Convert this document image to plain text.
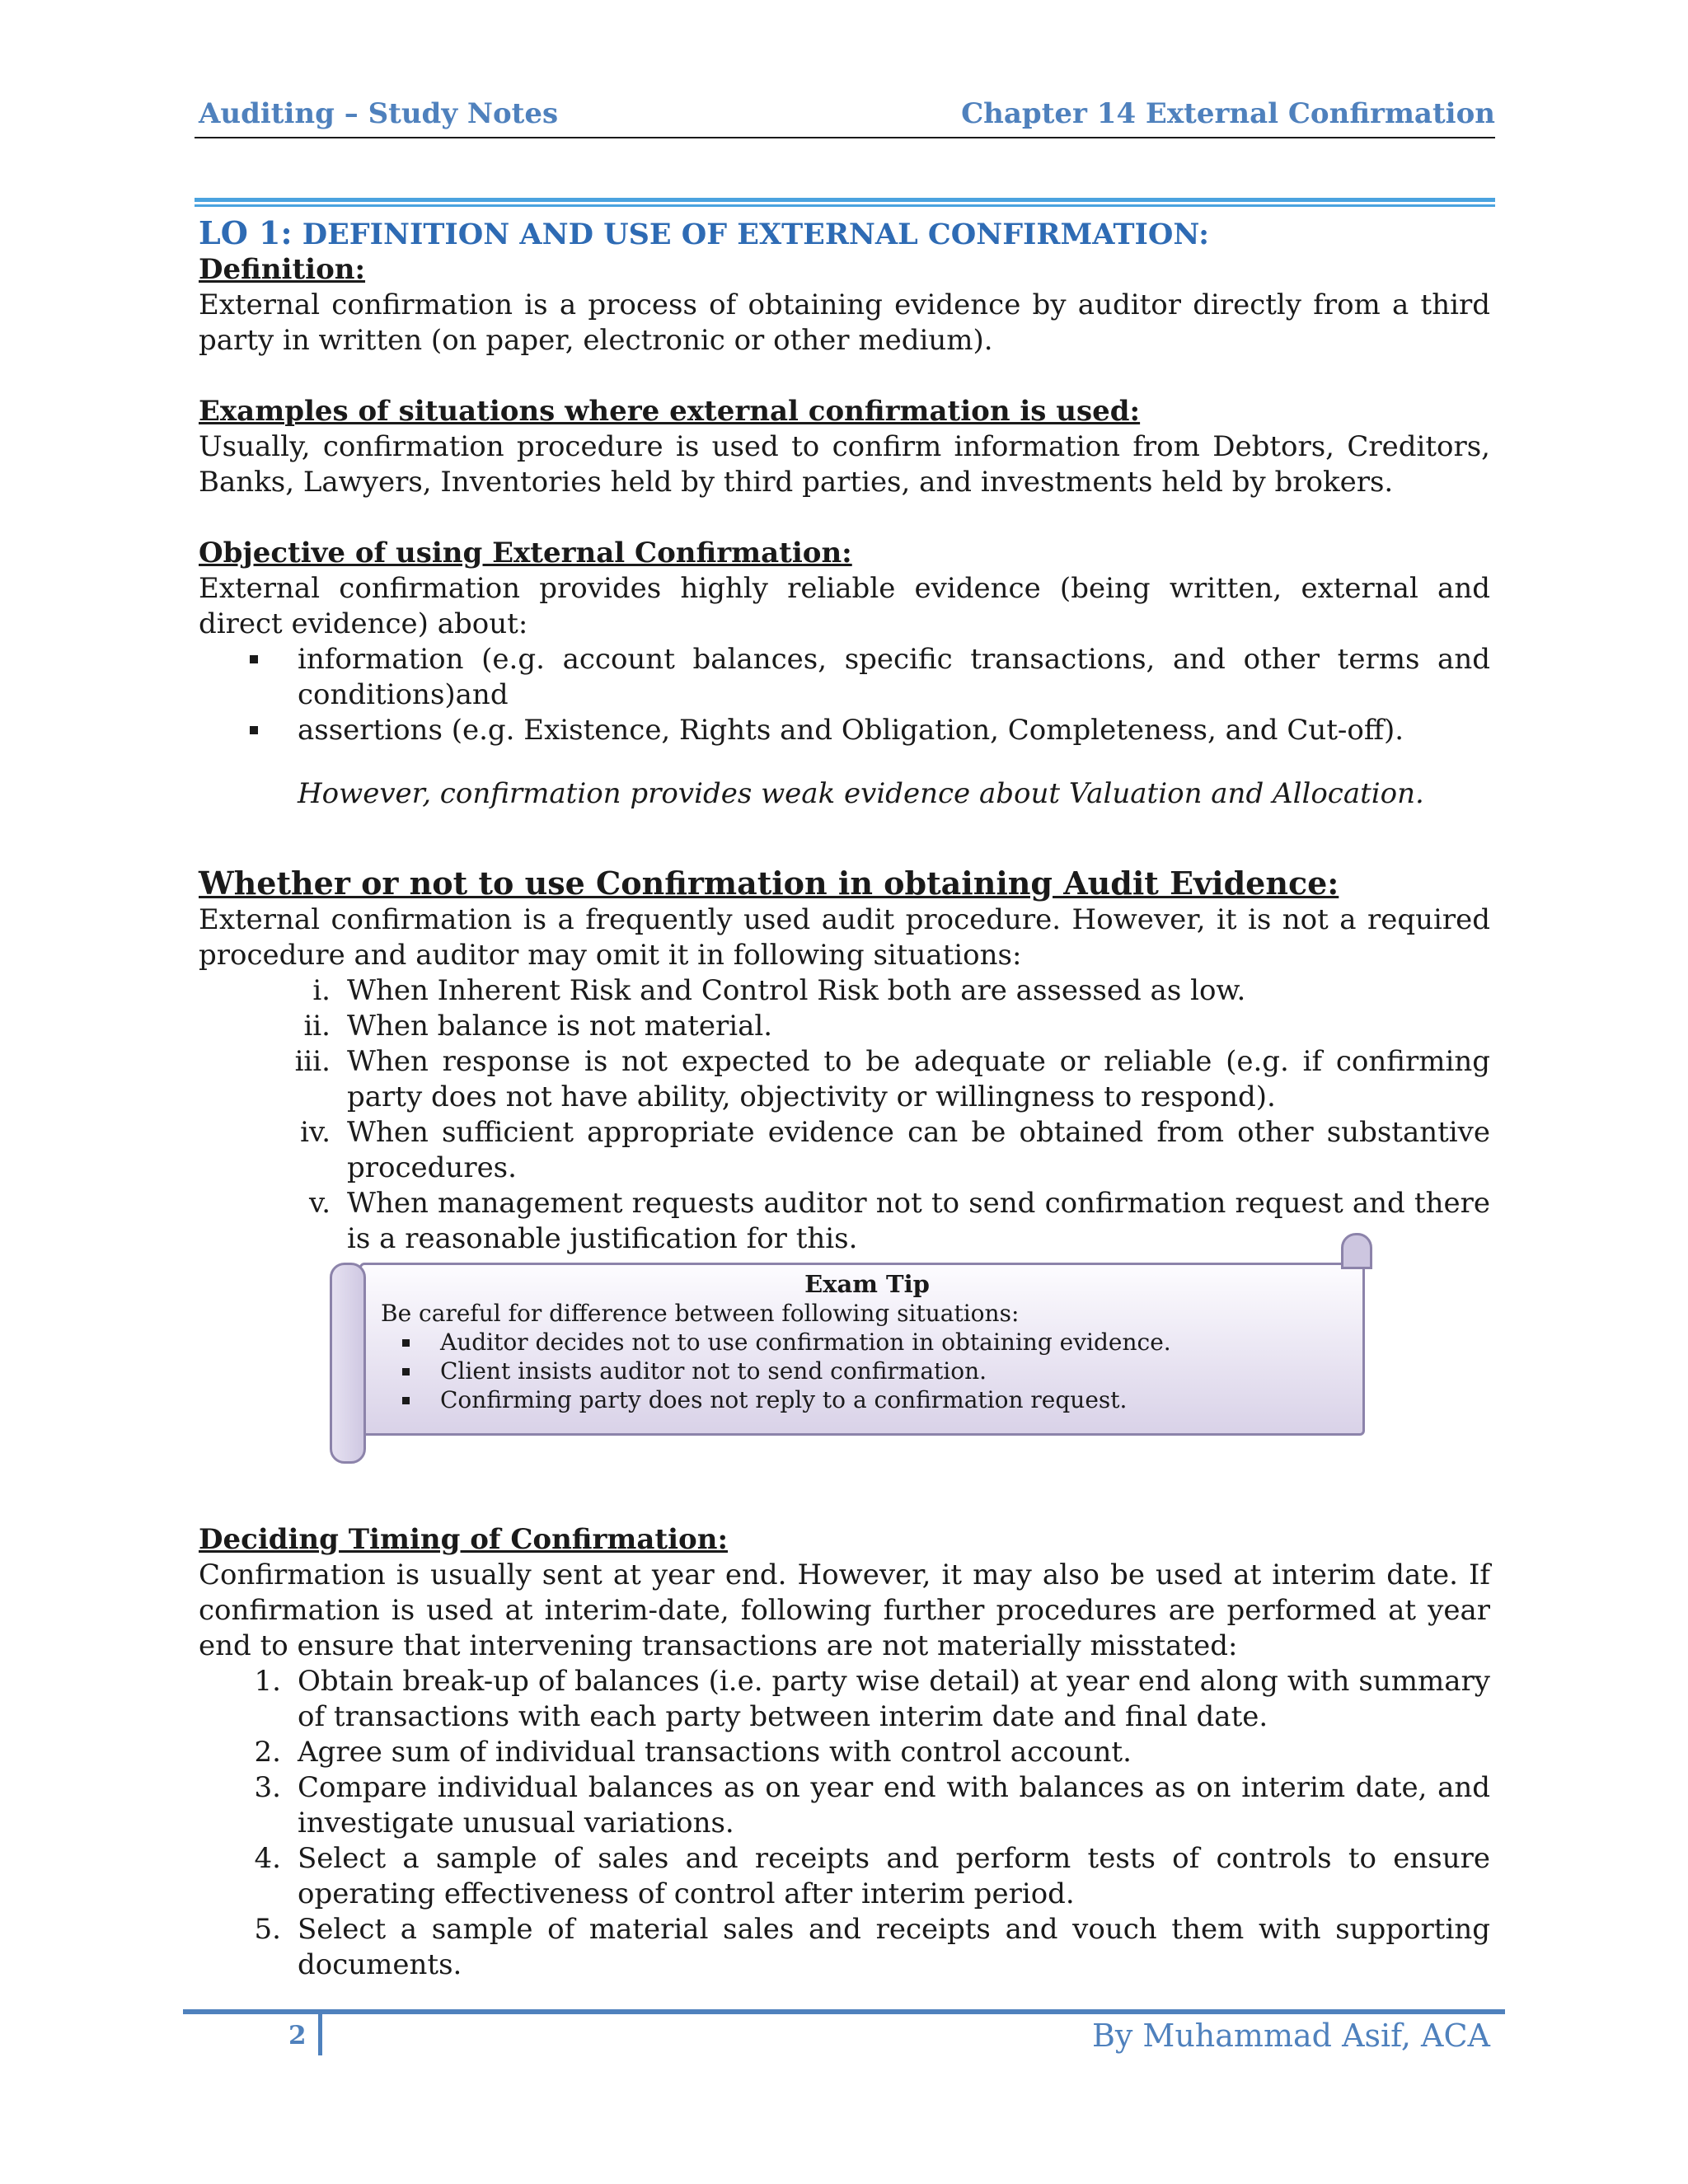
Auditing – Study Notes	Chapter 14 External Confirmation

LO 1: DEFINITION AND USE OF EXTERNAL CONFIRMATION:

Definition:

External confirmation is a process of obtaining evidence by auditor directly from a third party in written (on paper, electronic or other medium).

Examples of situations where external confirmation is used:

Usually, confirmation procedure is used to confirm information from Debtors, Creditors, Banks, Lawyers, Inventories held by third parties, and investments held by brokers.

Objective of using External Confirmation:

External confirmation provides highly reliable evidence (being written, external and direct evidence) about:

information (e.g. account balances, specific transactions, and other terms and conditions)and
assertions (e.g. Existence, Rights and Obligation, Completeness, and Cut-off).

However, confirmation provides weak evidence about Valuation and Allocation.

Whether or not to use Confirmation in obtaining Audit Evidence:

External confirmation is a frequently used audit procedure. However, it is not a required procedure and auditor may omit it in following situations:

i. When Inherent Risk and Control Risk both are assessed as low.
ii. When balance is not material.
iii. When response is not expected to be adequate or reliable (e.g. if confirming party does not have ability, objectivity or willingness to respond).
iv. When sufficient appropriate evidence can be obtained from other substantive procedures.
v. When management requests auditor not to send confirmation request and there is a reasonable justification for this.
Exam Tip
Be careful for difference between following situations:
Auditor decides not to use confirmation in obtaining evidence.
Client insists auditor not to send confirmation.
Confirming party does not reply to a confirmation request.

Deciding Timing of Confirmation:

Confirmation is usually sent at year end. However, it may also be used at interim date. If confirmation is used at interim-date, following further procedures are performed at year end to ensure that intervening transactions are not materially misstated:

1. Obtain break-up of balances (i.e. party wise detail) at year end along with summary of transactions with each party between interim date and final date.
2. Agree sum of individual transactions with control account.
3. Compare individual balances as on year end with balances as on interim date, and investigate unusual variations.
4. Select a sample of sales and receipts and perform tests of controls to ensure operating effectiveness of control after interim period.
5. Select a sample of material sales and receipts and vouch them with supporting documents.
2	By Muhammad Asif, ACA
